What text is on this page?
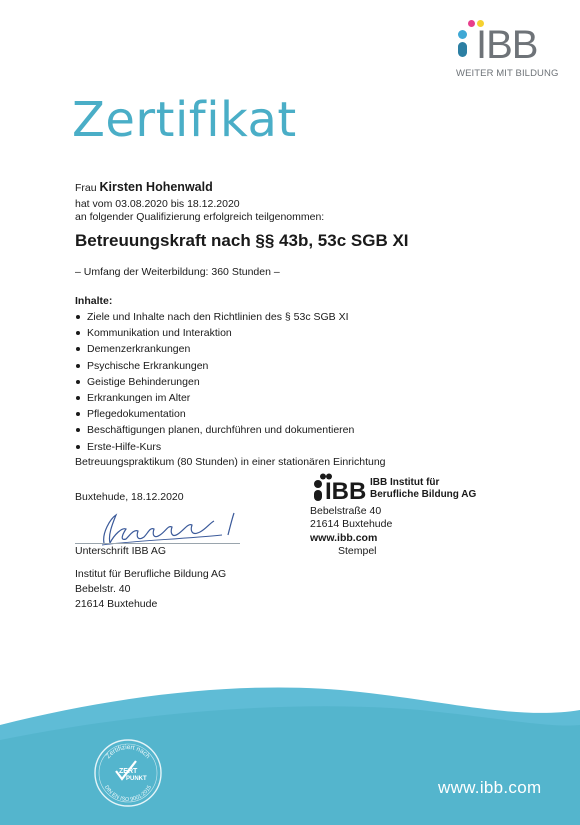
IBB
WEITER MIT BILDUNG
Zertifikat
Frau Kirsten Hohenwald
hat vom 03.08.2020 bis 18.12.2020
an folgender Qualifizierung erfolgreich teilgenommen:
Betreuungskraft nach §§ 43b, 53c SGB XI
– Umfang der Weiterbildung: 360 Stunden –
Inhalte:
Ziele und Inhalte nach den Richtlinien des § 53c SGB XI
Kommunikation und Interaktion
Demenzerkrankungen
Psychische Erkrankungen
Geistige Behinderungen
Erkrankungen im Alter
Pflegedokumentation
Beschäftigungen planen, durchführen und dokumentieren
Erste-Hilfe-Kurs
Betreuungspraktikum (80 Stunden) in einer stationären Einrichtung
Buxtehude, 18.12.2020
Unterschrift IBB AG
Institut für Berufliche Bildung AG
Bebelstr. 40
21614 Buxtehude
IBB IBB Institut für
Berufliche Bildung AG
Bebelstraße 40
21614 Buxtehude
www.ibb.com
Stempel
Zertifiziert nach
DIN EN ISO 9001:2015
ZERT
PUNKT	www.ibb.com
